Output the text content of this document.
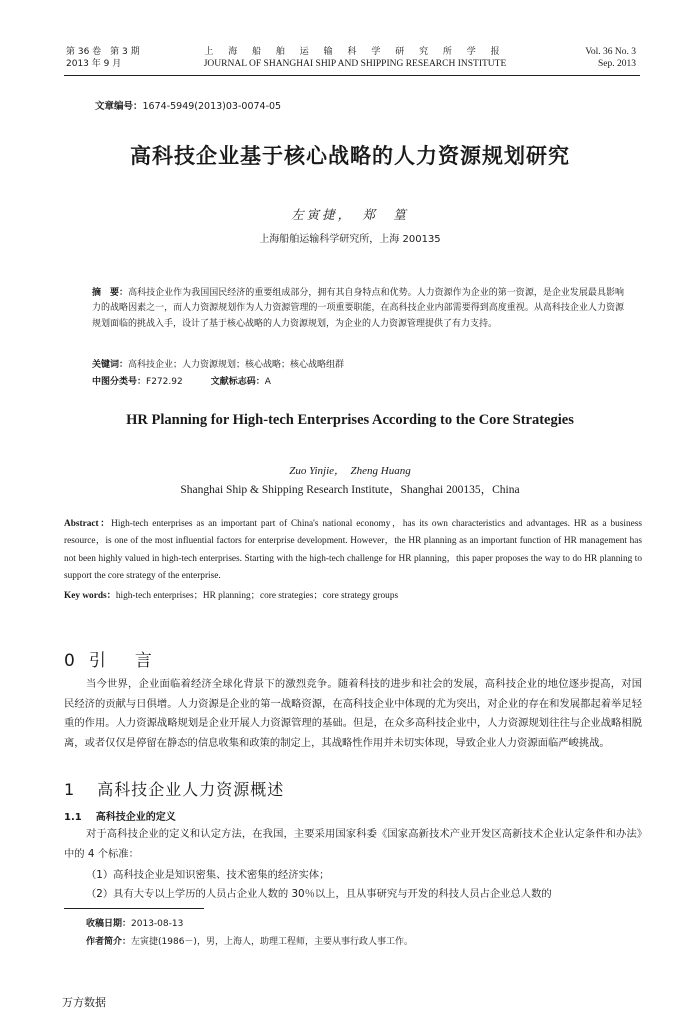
第 36 卷　第 3 期
2013 年 9 月
上 海 船 舶 运 输 科 学 研 究 所 学 报
JOURNAL OF SHANGHAI SHIP AND SHIPPING RESEARCH INSTITUTE
Vol. 36 No. 3
Sep. 2013
文章编号：1674-5949(2013)03-0074-05
高科技企业基于核心战略的人力资源规划研究
左寅捷，　郑　篁
上海船舶运输科学研究所，上海 200135
摘　要：高科技企业作为我国国民经济的重要组成部分，拥有其自身特点和优势。人力资源作为企业的第一资源，是企业发展最具影响力的战略因素之一，而人力资源规划作为人力资源管理的一项重要职能，在高科技企业内部需要得到高度重视。从高科技企业人力资源规划面临的挑战入手，设计了基于核心战略的人力资源规划，为企业的人力资源管理提供了有力支持。
关键词：高科技企业；人力资源规划；核心战略；核心战略组群
中图分类号：F272.92	文献标志码：A
HR Planning for High-tech Enterprises According to the Core Strategies
Zuo Yinjie，　Zheng Huang
Shanghai Ship & Shipping Research Institute，Shanghai 200135，China
Abstract：High-tech enterprises as an important part of China's national economy，has its own characteristics and advantages. HR as a business resource，is one of the most influential factors for enterprise development. However，the HR planning as an important function of HR management has not been highly valued in high-tech enterprises. Starting with the high-tech challenge for HR planning，this paper proposes the way to do HR planning to support the core strategy of the enterprise.
Key words：high-tech enterprises；HR planning；core strategies；core strategy groups
0 引　言
当今世界，企业面临着经济全球化背景下的激烈竞争。随着科技的进步和社会的发展，高科技企业的地位逐步提高，对国民经济的贡献与日俱增。人力资源是企业的第一战略资源，在高科技企业中体现的尤为突出，对企业的存在和发展都起着举足轻重的作用。人力资源战略规划是企业开展人力资源管理的基础。但是，在众多高科技企业中，人力资源规划往往与企业战略相脱离，或者仅仅是停留在静态的信息收集和政策的制定上，其战略性作用并未切实体现，导致企业人力资源面临严峻挑战。
1 高科技企业人力资源概述
1.1 高科技企业的定义
对于高科技企业的定义和认定方法，在我国，主要采用国家科委《国家高新技术产业开发区高新技术企业认定条件和办法》中的 4 个标准：
（1）高科技企业是知识密集、技术密集的经济实体；
（2）具有大专以上学历的人员占企业人数的 30％以上，且从事研究与开发的科技人员占企业总人数的
收稿日期：2013-08-13
作者简介：左寅捷(1986－)，男，上海人，助理工程师，主要从事行政人事工作。
万方数据
